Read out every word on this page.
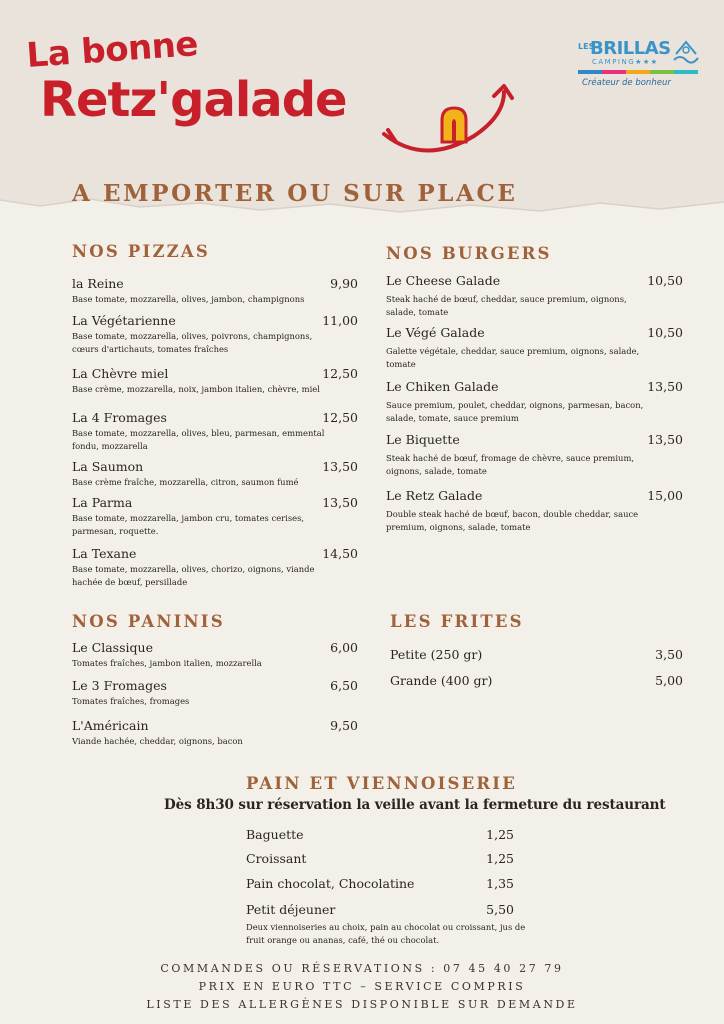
La bonne
Retz'galade
LES
BRILLAS
CAMPING★★★
Créateur de bonheur
A EMPORTER OU SUR PLACE
NOS PIZZAS	NOS BURGERS
NOS PANINIS	LES FRITES
PAIN ET VIENNOISERIE
Dès 8h30 sur réservation la veille avant la fermeture du restaurant
la Reine	9,90
Base tomate, mozzarella, olives, jambon, champignons
La Végétarienne	11,00
Base tomate, mozzarella, olives, poivrons, champignons, cœurs d'artichauts, tomates fraîches
La Chèvre miel	12,50
Base crème, mozzarella, noix, jambon italien, chèvre, miel
La 4 Fromages	12,50
Base tomate, mozzarella, olives, bleu, parmesan, emmental fondu, mozzarella
La Saumon	13,50
Base crème fraîche, mozzarella, citron, saumon fumé
La Parma	13,50
Base tomate, mozzarella, jambon cru, tomates cerises, parmesan, roquette.
La Texane	14,50
Base tomate, mozzarella, olives, chorizo, oignons, viande hachée de bœuf, persillade
Le Cheese Galade	10,50
Steak haché de bœuf, cheddar, sauce premium, oignons, salade, tomate
Le Végé Galade	10,50
Galette végétale, cheddar, sauce premium, oignons, salade, tomate
Le Chiken Galade	13,50
Sauce premium, poulet, cheddar, oignons, parmesan, bacon, salade, tomate, sauce premium
Le Biquette	13,50
Steak haché de bœuf, fromage de chèvre, sauce premium, oignons, salade, tomate
Le Retz Galade	15,00
Double steak haché de bœuf, bacon, double cheddar, sauce premium, oignons, salade, tomate
Le Classique	6,00
Tomates fraîches, jambon italien, mozzarella
Le 3 Fromages	6,50
Tomates fraîches, fromages
L'Américain	9,50
Viande hachée, cheddar, oignons, bacon
Petite (250 gr)	3,50
Grande (400 gr)	5,00
Baguette	1,25
Croissant	1,25
Pain chocolat, Chocolatine	1,35
Petit déjeuner	5,50
Deux viennoiseries au choix, pain au chocolat ou croissant, jus de fruit orange ou ananas, café, thé ou chocolat.
COMMANDES OU RÉSERVATIONS : 07 45 40 27 79
PRIX EN EURO TTC – SERVICE COMPRIS
LISTE DES ALLERGÈNES DISPONIBLE SUR DEMANDE
